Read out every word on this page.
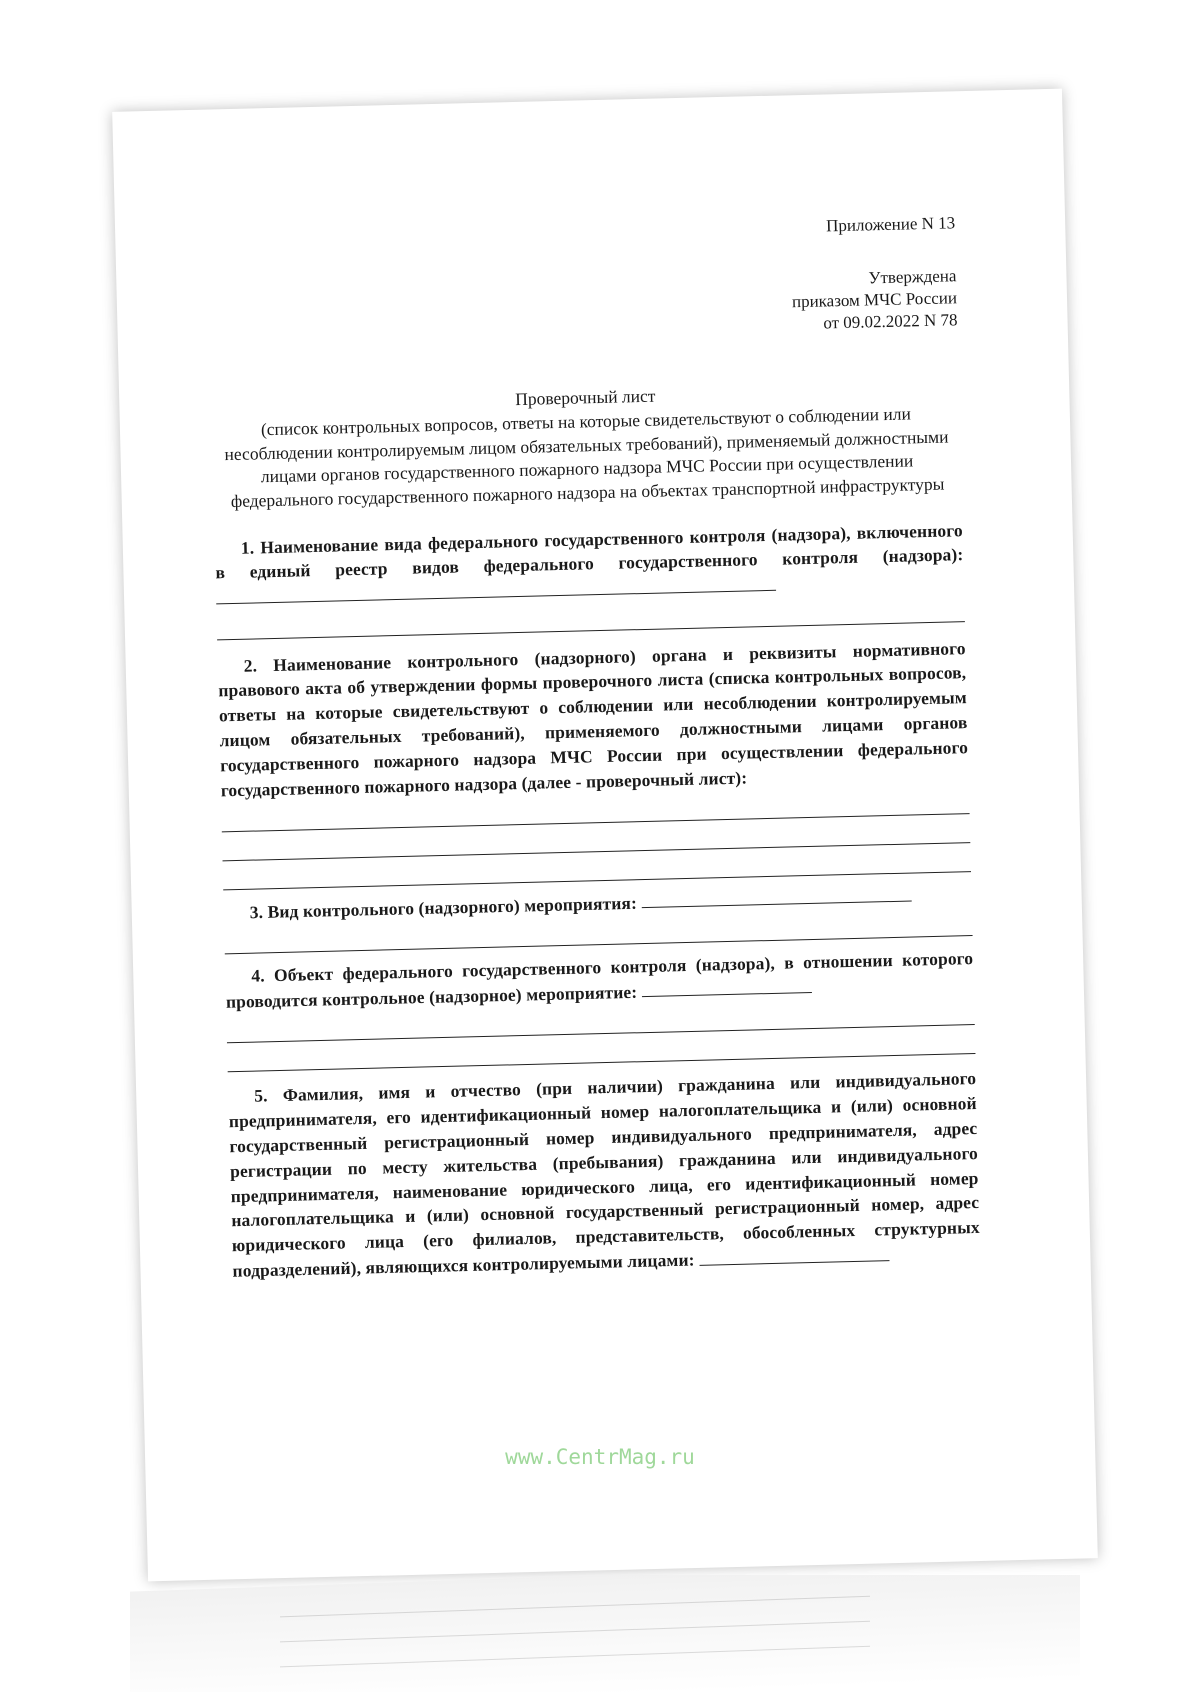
Приложение N 13
Утверждена
приказом МЧС России
от 09.02.2022 N 78
Проверочный лист
(список контрольных вопросов, ответы на которые свидетельствуют о соблюдении или несоблюдении контролируемым лицом обязательных требований), применяемый должностными лицами органов государственного пожарного надзора МЧС России при осуществлении федерального государственного пожарного надзора на объектах транспортной инфраструктуры

1. Наименование вида федерального государственного контроля (надзора), включенного в единый реестр видов федерального государственного контроля (надзора):

2. Наименование контрольного (надзорного) органа и реквизиты нормативного правового акта об утверждении формы проверочного листа (списка контрольных вопросов, ответы на которые свидетельствуют о соблюдении или несоблюдении контролируемым лицом обязательных требований), применяемого должностными лицами органов государственного пожарного надзора МЧС России при осуществлении федерального государственного пожарного надзора (далее - проверочный лист):

3. Вид контрольного (надзорного) мероприятия:

4. Объект федерального государственного контроля (надзора), в отношении которого проводится контрольное (надзорное) мероприятие:

5. Фамилия, имя и отчество (при наличии) гражданина или индивидуального предпринимателя, его идентификационный номер налогоплательщика и (или) основной государственный регистрационный номер индивидуального предпринимателя, адрес регистрации по месту жительства (пребывания) гражданина или индивидуального предпринимателя, наименование юридического лица, его идентификационный номер налогоплательщика и (или) основной государственный регистрационный номер, адрес юридического лица (его филиалов, представительств, обособленных структурных подразделений), являющихся контролируемыми лицами:

www.CentrMag.ru
